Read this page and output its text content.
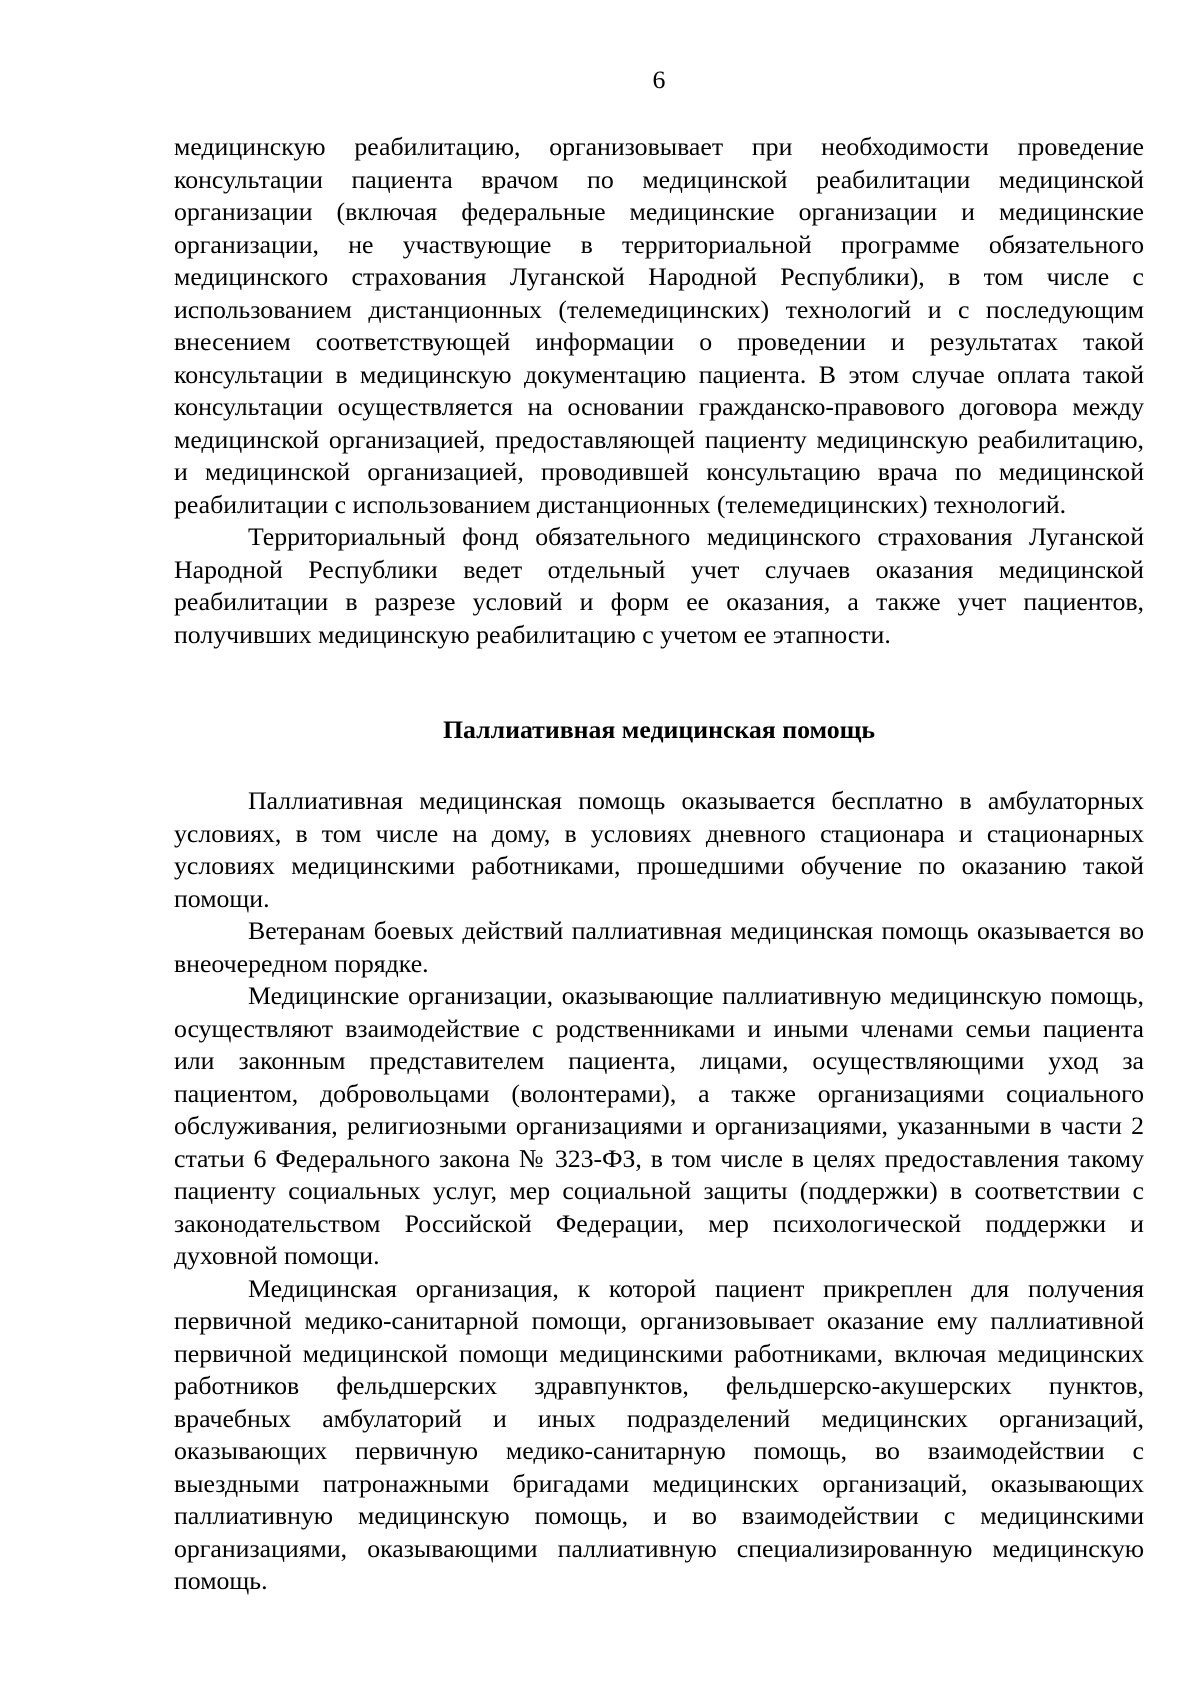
6

медицинскую реабилитацию, организовывает при необходимости проведение консультации пациента врачом по медицинской реабилитации медицинской организации (включая федеральные медицинские организации и медицинские организации, не участвующие в территориальной программе обязательного медицинского страхования Луганской Народной Республики), в том числе с использованием дистанционных (телемедицинских) технологий и с последующим внесением соответствующей информации о проведении и результатах такой консультации в медицинскую документацию пациента. В этом случае оплата такой консультации осуществляется на основании гражданско-правового договора между медицинской организацией, предоставляющей пациенту медицинскую реабилитацию, и медицинской организацией, проводившей консультацию врача по медицинской реабилитации с использованием дистанционных (телемедицинских) технологий.

Территориальный фонд обязательного медицинского страхования Луганской Народной Республики ведет отдельный учет случаев оказания медицинской реабилитации в разрезе условий и форм ее оказания, а также учет пациентов, получивших медицинскую реабилитацию с учетом ее этапности.

Паллиативная медицинская помощь

Паллиативная медицинская помощь оказывается бесплатно в амбулаторных условиях, в том числе на дому, в условиях дневного стационара и стационарных условиях медицинскими работниками, прошедшими обучение по оказанию такой помощи.

Ветеранам боевых действий паллиативная медицинская помощь оказывается во внеочередном порядке.

Медицинские организации, оказывающие паллиативную медицинскую помощь, осуществляют взаимодействие с родственниками и иными членами семьи пациента или законным представителем пациента, лицами, осуществляющими уход за пациентом, добровольцами (волонтерами), а также организациями социального обслуживания, религиозными организациями и организациями, указанными в части 2 статьи 6 Федерального закона № 323-ФЗ, в том числе в целях предоставления такому пациенту социальных услуг, мер социальной защиты (поддержки) в соответствии с законодательством Российской Федерации, мер психологической поддержки и духовной помощи.

Медицинская организация, к которой пациент прикреплен для получения первичной медико-санитарной помощи, организовывает оказание ему паллиативной первичной медицинской помощи медицинскими работниками, включая медицинских работников фельдшерских здравпунктов, фельдшерско-акушерских пунктов, врачебных амбулаторий и иных подразделений медицинских организаций, оказывающих первичную медико-санитарную помощь, во взаимодействии с выездными патронажными бригадами медицинских организаций, оказывающих паллиативную медицинскую помощь, и во взаимодействии с медицинскими организациями, оказывающими паллиативную специализированную медицинскую помощь.
